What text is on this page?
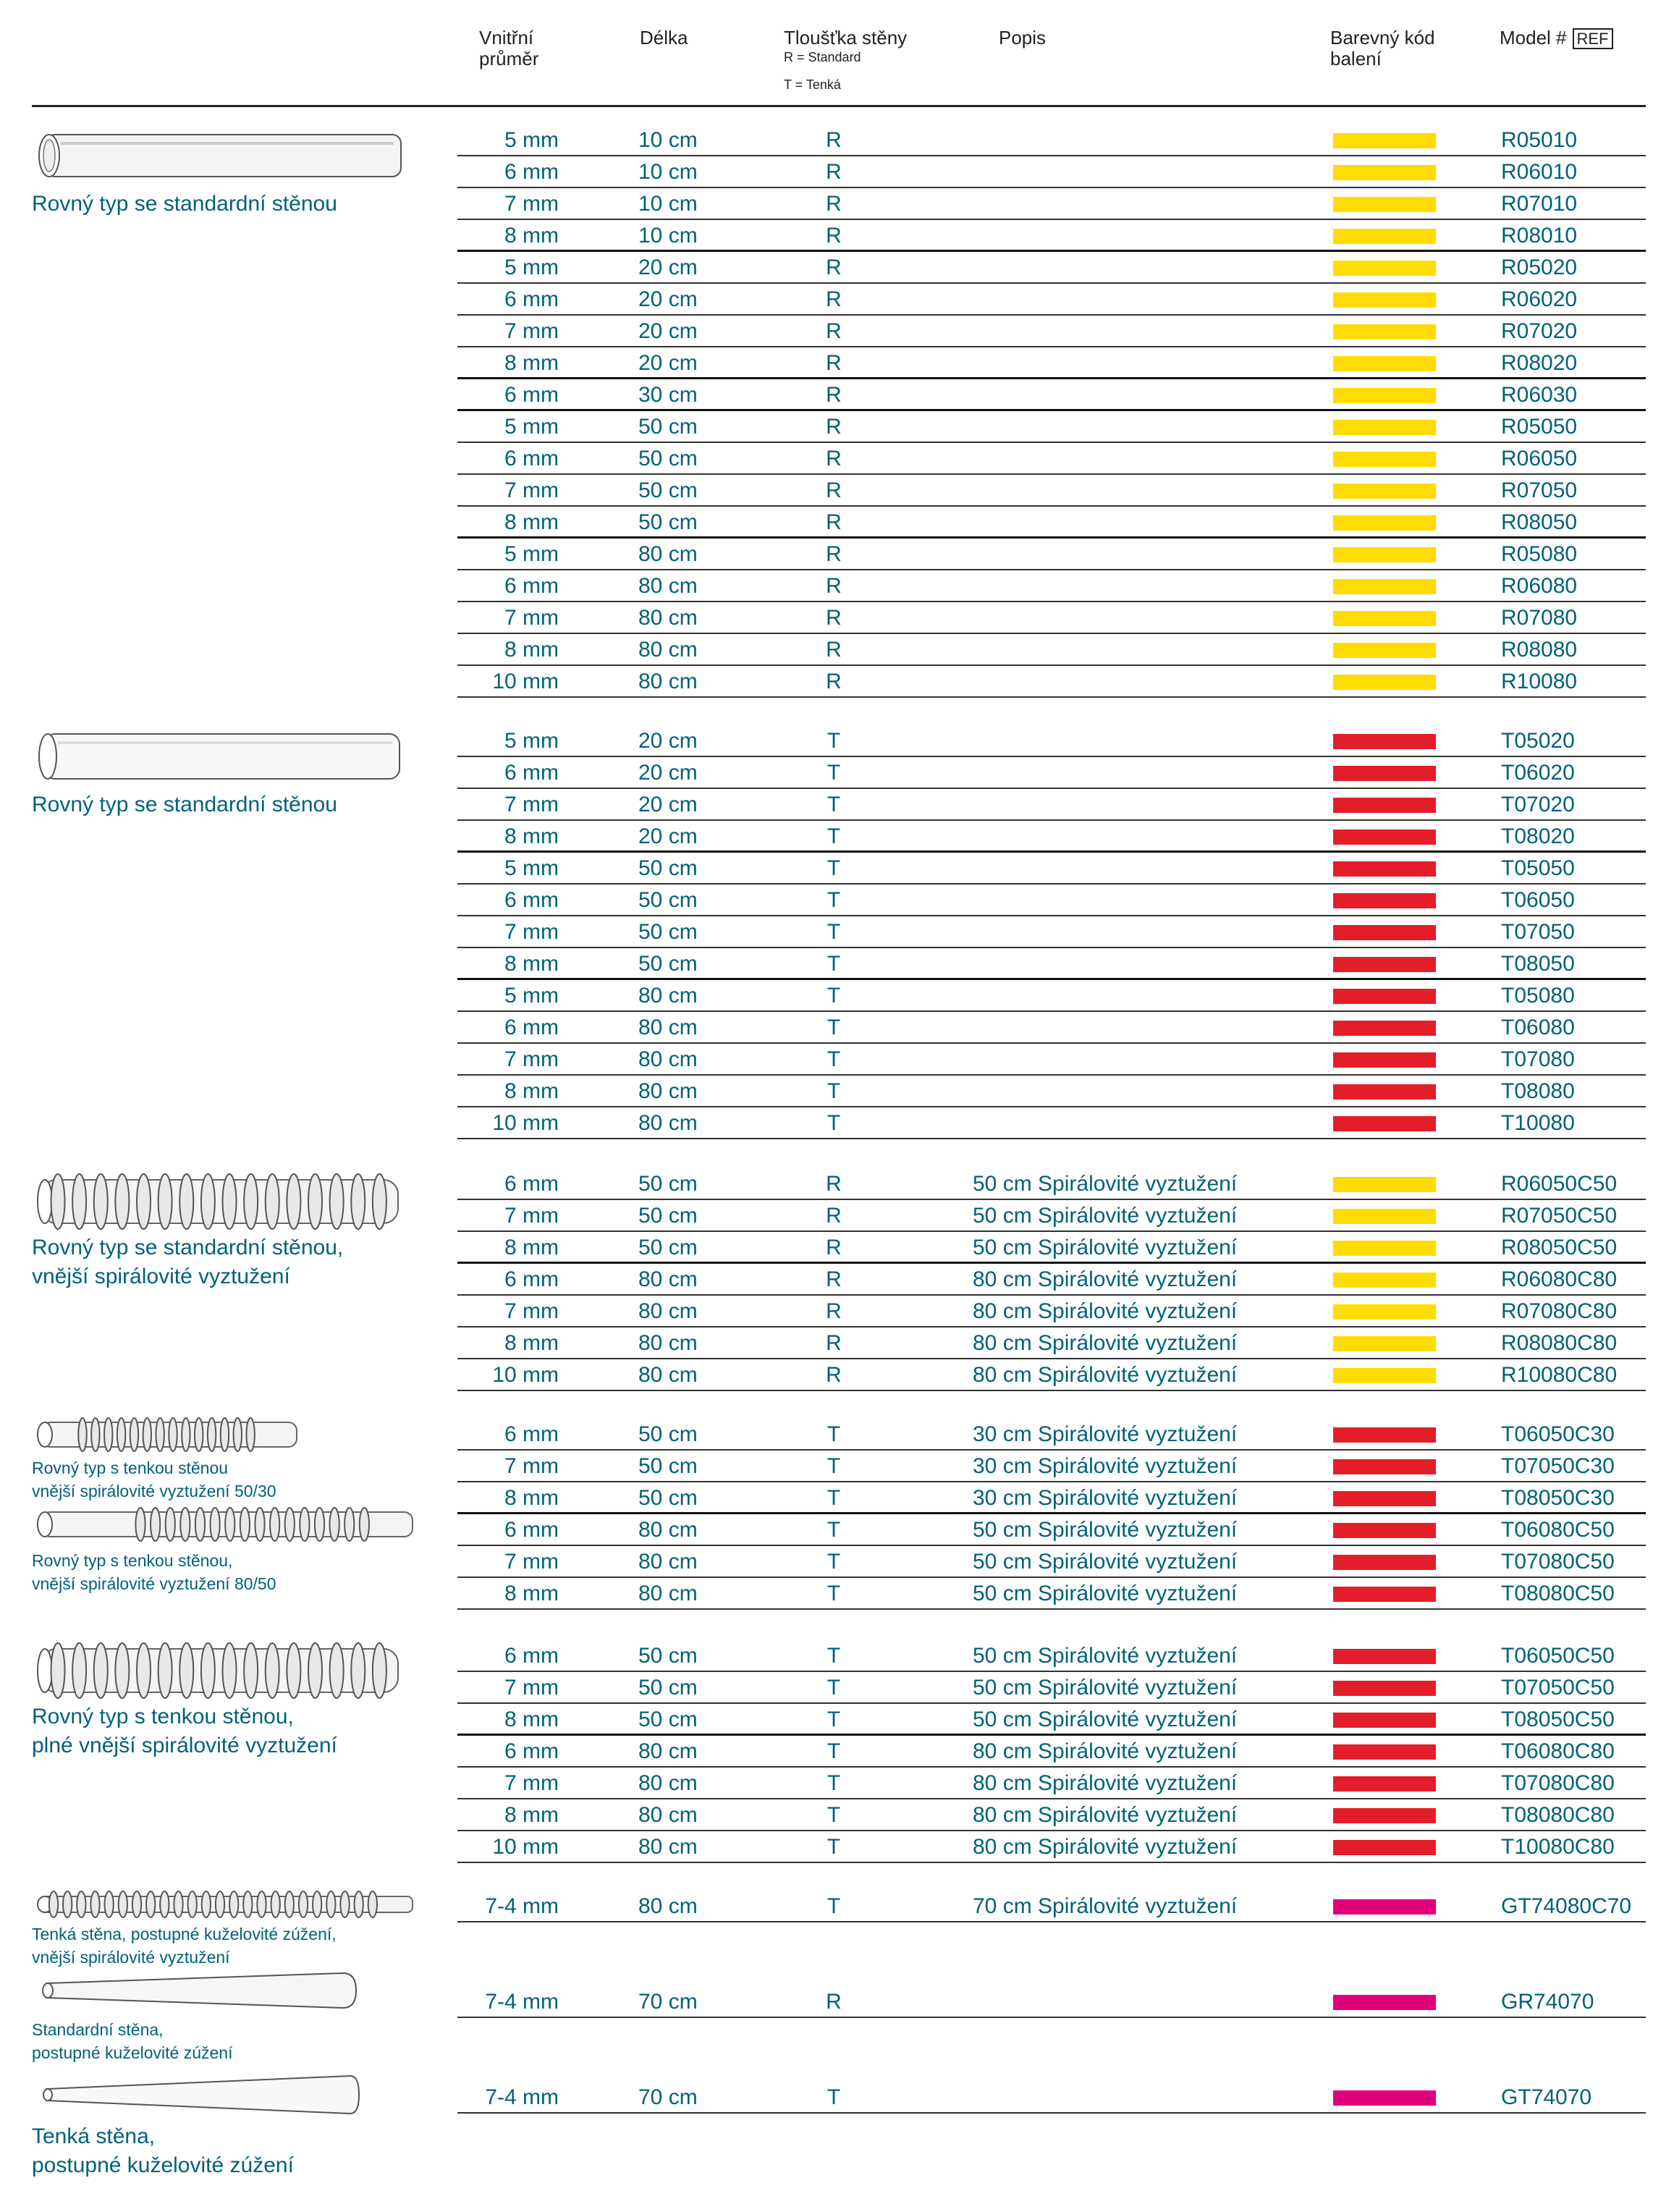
Vnitřní
průměr
Délka	Tloušťka stěny
R = Standard
T = Tenká
Popis	Barevný kód
balení
Model # REF
5 mm	10 cm	R	R05010
6 mm	10 cm	R	R06010
7 mm	10 cm	R	R07010
8 mm	10 cm	R	R08010
5 mm	20 cm	R	R05020
6 mm	20 cm	R	R06020
7 mm	20 cm	R	R07020
8 mm	20 cm	R	R08020
6 mm	30 cm	R	R06030
5 mm	50 cm	R	R05050
6 mm	50 cm	R	R06050
7 mm	50 cm	R	R07050
8 mm	50 cm	R	R08050
5 mm	80 cm	R	R05080
6 mm	80 cm	R	R06080
7 mm	80 cm	R	R07080
8 mm	80 cm	R	R08080
10 mm	80 cm	R	R10080
5 mm	20 cm	T	T05020
6 mm	20 cm	T	T06020
7 mm	20 cm	T	T07020
8 mm	20 cm	T	T08020
5 mm	50 cm	T	T05050
6 mm	50 cm	T	T06050
7 mm	50 cm	T	T07050
8 mm	50 cm	T	T08050
5 mm	80 cm	T	T05080
6 mm	80 cm	T	T06080
7 mm	80 cm	T	T07080
8 mm	80 cm	T	T08080
10 mm	80 cm	T	T10080
6 mm	50 cm	R	50 cm Spirálovité vyztužení	R06050C50
7 mm	50 cm	R	50 cm Spirálovité vyztužení	R07050C50
8 mm	50 cm	R	50 cm Spirálovité vyztužení	R08050C50
6 mm	80 cm	R	80 cm Spirálovité vyztužení	R06080C80
7 mm	80 cm	R	80 cm Spirálovité vyztužení	R07080C80
8 mm	80 cm	R	80 cm Spirálovité vyztužení	R08080C80
10 mm	80 cm	R	80 cm Spirálovité vyztužení	R10080C80
6 mm	50 cm	T	30 cm Spirálovité vyztužení	T06050C30
7 mm	50 cm	T	30 cm Spirálovité vyztužení	T07050C30
8 mm	50 cm	T	30 cm Spirálovité vyztužení	T08050C30
6 mm	80 cm	T	50 cm Spirálovité vyztužení	T06080C50
7 mm	80 cm	T	50 cm Spirálovité vyztužení	T07080C50
8 mm	80 cm	T	50 cm Spirálovité vyztužení	T08080C50
6 mm	50 cm	T	50 cm Spirálovité vyztužení	T06050C50
7 mm	50 cm	T	50 cm Spirálovité vyztužení	T07050C50
8 mm	50 cm	T	50 cm Spirálovité vyztužení	T08050C50
6 mm	80 cm	T	80 cm Spirálovité vyztužení	T06080C80
7 mm	80 cm	T	80 cm Spirálovité vyztužení	T07080C80
8 mm	80 cm	T	80 cm Spirálovité vyztužení	T08080C80
10 mm	80 cm	T	80 cm Spirálovité vyztužení	T10080C80
7-4 mm	80 cm	T	70 cm Spirálovité vyztužení	GT74080C70
7-4 mm	70 cm	R	GR74070
7-4 mm	70 cm	T	GT74070
Rovný typ se standardní stěnou
Rovný typ se standardní stěnou
Rovný typ se standardní stěnou,
vnější spirálovité vyztužení
Rovný typ s tenkou stěnou
vnější spirálovité vyztužení 50/30
Rovný typ s tenkou stěnou,
vnější spirálovité vyztužení 80/50
Rovný typ s tenkou stěnou,
plné vnější spirálovité vyztužení
Tenká stěna, postupné kuželovité zúžení,
vnější spirálovité vyztužení
Standardní stěna,
postupné kuželovité zúžení
Tenká stěna,
postupné kuželovité zúžení
